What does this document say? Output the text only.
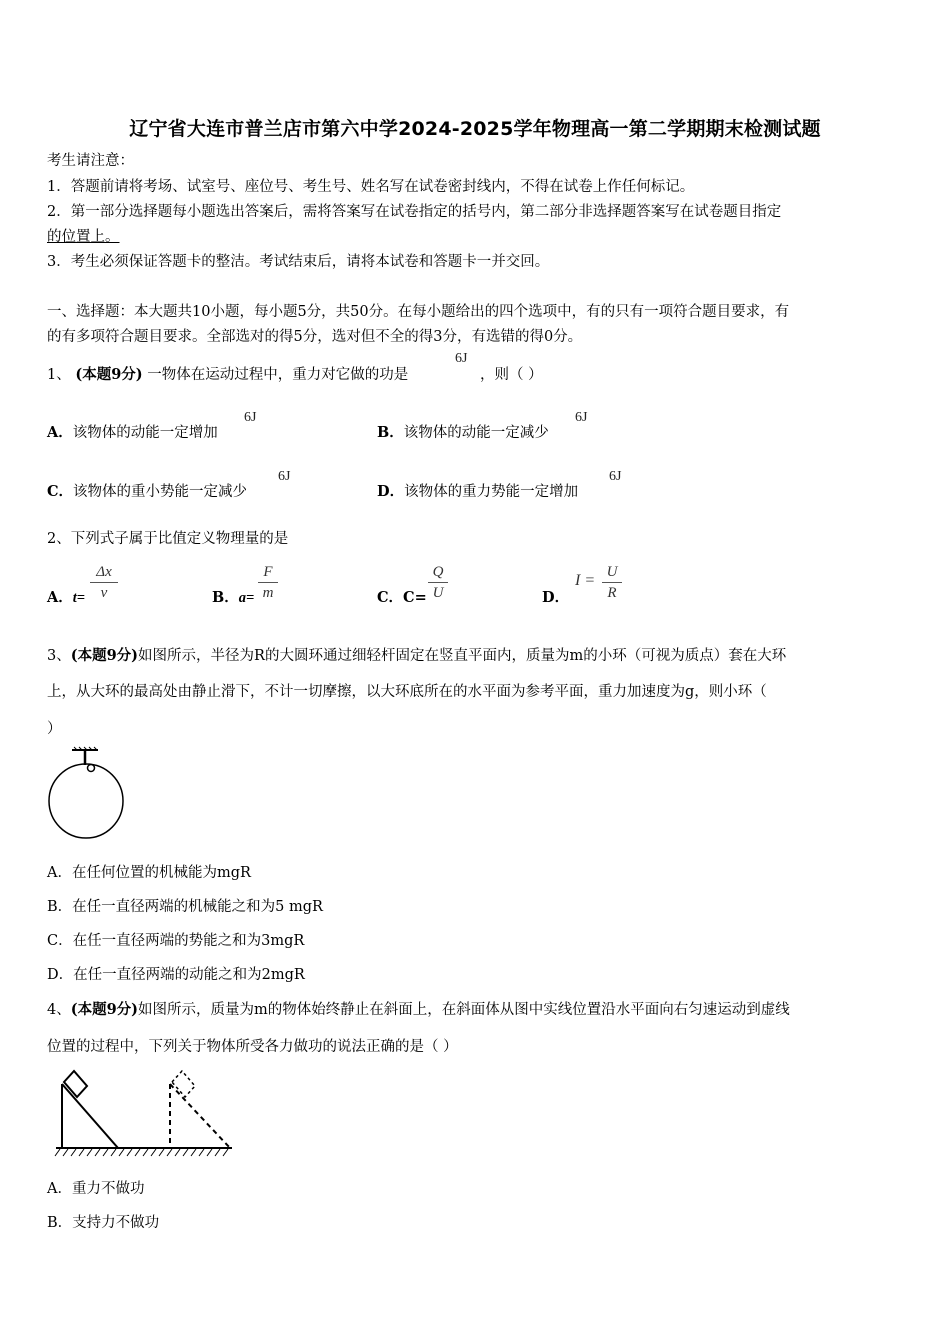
辽宁省大连市普兰店市第六中学2024-2025学年物理高一第二学期期末检测试题
考生请注意：
1．答题前请将考场、试室号、座位号、考生号、姓名写在试卷密封线内，不得在试卷上作任何标记。
2．第一部分选择题每小题选出答案后，需将答案写在试卷指定的括号内，第二部分非选择题答案写在试卷题目指定
的位置上。
3．考生必须保证答题卡的整洁。考试结束后，请将本试卷和答题卡一并交回。
一、选择题：本大题共10小题，每小题5分，共50分。在每小题给出的四个选项中，有的只有一项符合题目要求，有
的有多项符合题目要求。全部选对的得5分，选对但不全的得3分，有选错的得0分。
1、 (本题9分) 一物体在运动过程中，重力对它做的功是
6J
，则（ ）
A．该物体的动能一定增加
6J
B．该物体的动能一定减少
6J
C．该物体的重小势能一定减少
6J
D．该物体的重力势能一定增加
6J
2、下列式子属于比值定义物理量的是
A．t=
Δx
v	B．a=
F
m	C．C=
Q
U	D．
I = U
R
3、(本题9分)如图所示，半径为R的大圆环通过细轻杆固定在竖直平面内，质量为m的小环（可视为质点）套在大环
上，从大环的最高处由静止滑下，不计一切摩擦，以大环底所在的水平面为参考平面，重力加速度为g，则小环（
）
A．在任何位置的机械能为mgR
B．在任一直径两端的机械能之和为5 mgR
C．在任一直径两端的势能之和为3mgR
D．在任一直径两端的动能之和为2mgR
4、(本题9分)如图所示，质量为m的物体始终静止在斜面上，在斜面体从图中实线位置沿水平面向右匀速运动到虚线
位置的过程中，下列关于物体所受各力做功的说法正确的是（ ）
A．重力不做功
B．支持力不做功
